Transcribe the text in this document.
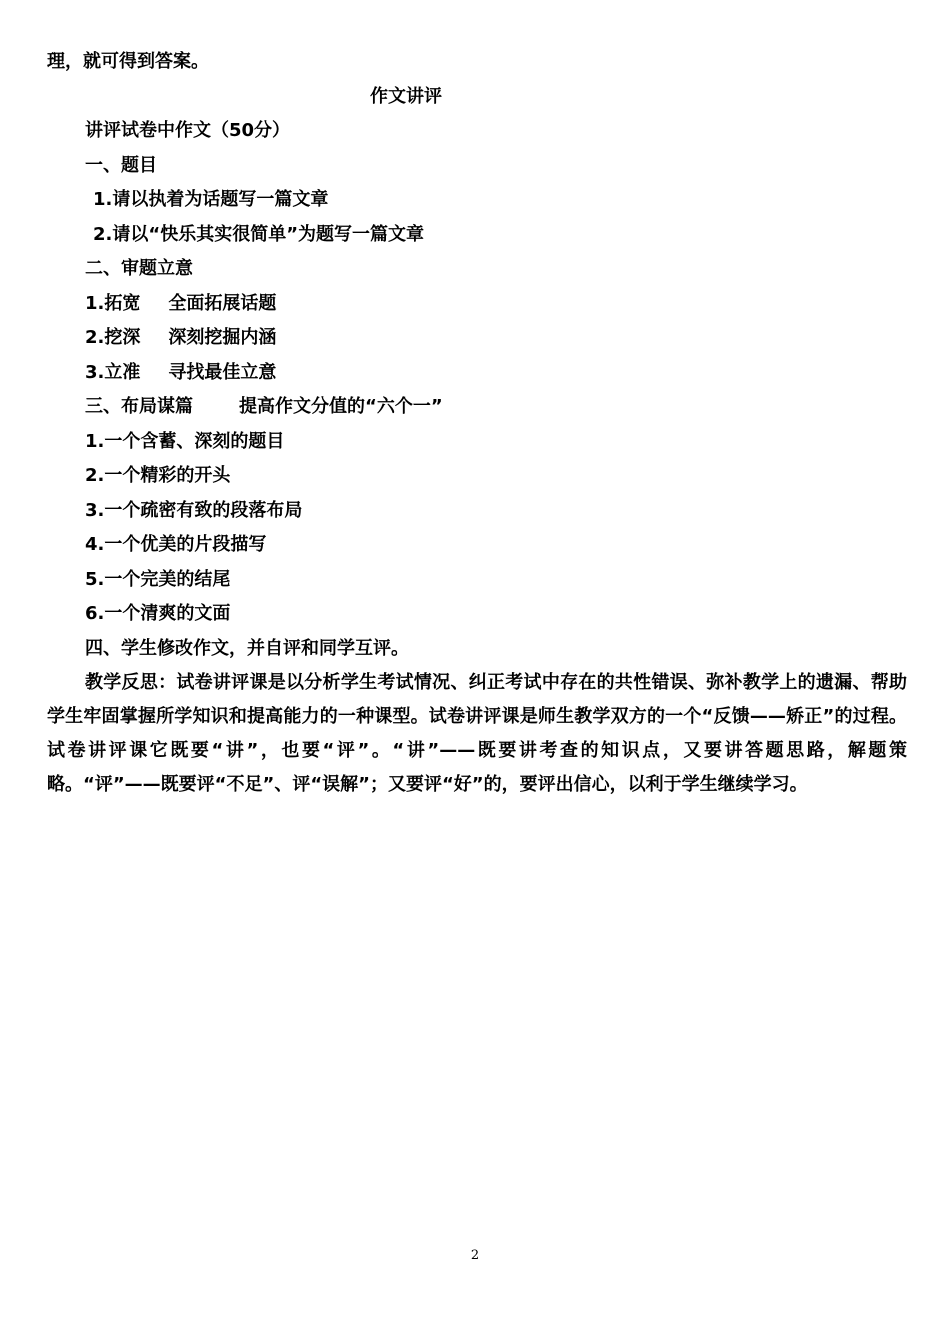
理，就可得到答案。
作文讲评
讲评试卷中作文（50分）
一、题目
1.请以执着为话题写一篇文章
2.请以“快乐其实很简单”为题写一篇文章
二、审题立意
1.拓宽 全面拓展话题
2.挖深 深刻挖掘内涵
3.立准 寻找最佳立意
三、布局谋篇	提高作文分值的“六个一”
1.一个含蓄、深刻的题目
2.一个精彩的开头
3.一个疏密有致的段落布局
4.一个优美的片段描写
5.一个完美的结尾
6.一个清爽的文面
四、学生修改作文，并自评和同学互评。
教学反思：试卷讲评课是以分析学生考试情况、纠正考试中存在的共性错误、弥补教学上的遗漏、帮助学生牢固掌握所学知识和提高能力的一种课型。试卷讲评课是师生教学双方的一个“反馈——矫正”的过程。试卷讲评课它既要“讲”，也要“评”。“讲”——既要讲考查的知识点，又要讲答题思路，解题策略。“评”——既要评“不足”、评“误解”；又要评“好”的，要评出信心，以利于学生继续学习。
2
